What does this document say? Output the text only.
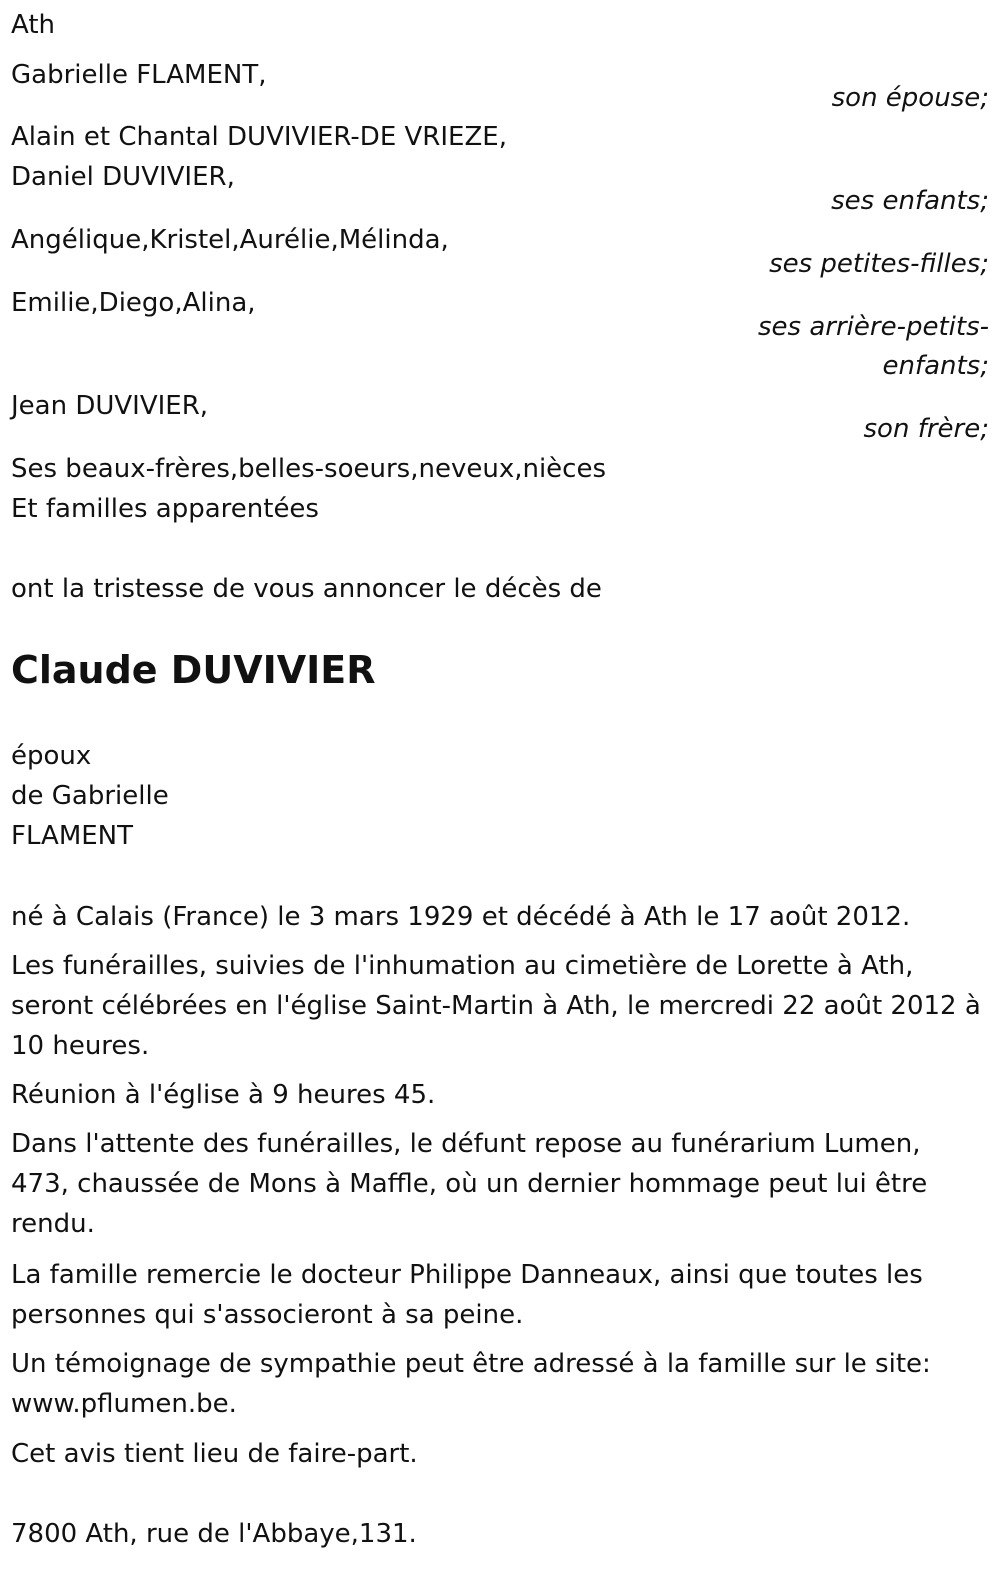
Ath
Gabrielle FLAMENT,
son épouse;
Alain et Chantal DUVIVIER-DE VRIEZE,
Daniel DUVIVIER,
ses enfants;
Angélique,Kristel,Aurélie,Mélinda,
ses petites-filles;
Emilie,Diego,Alina,
ses arrière-petits-
enfants;
Jean DUVIVIER,
son frère;
Ses beaux-frères,belles-soeurs,neveux,nièces
Et familles apparentées
ont la tristesse de vous annoncer le décès de
Claude DUVIVIER
époux
de Gabrielle
FLAMENT
né à Calais (France) le 3 mars 1929 et décédé à Ath le 17 août 2012.
Les funérailles, suivies de l'inhumation au cimetière de Lorette à Ath, seront célébrées en l'église Saint-Martin à Ath, le mercredi 22 août 2012 à 10 heures.
Réunion à l'église à 9 heures 45.
Dans l'attente des funérailles, le défunt repose au funérarium Lumen, 473, chaussée de Mons à Maffle, où un dernier hommage peut lui être rendu.
La famille remercie le docteur Philippe Danneaux, ainsi que toutes les personnes qui s'associeront à sa peine.
Un témoignage de sympathie peut être adressé à la famille sur le site: www.pflumen.be.
Cet avis tient lieu de faire-part.
7800 Ath, rue de l'Abbaye,131.
